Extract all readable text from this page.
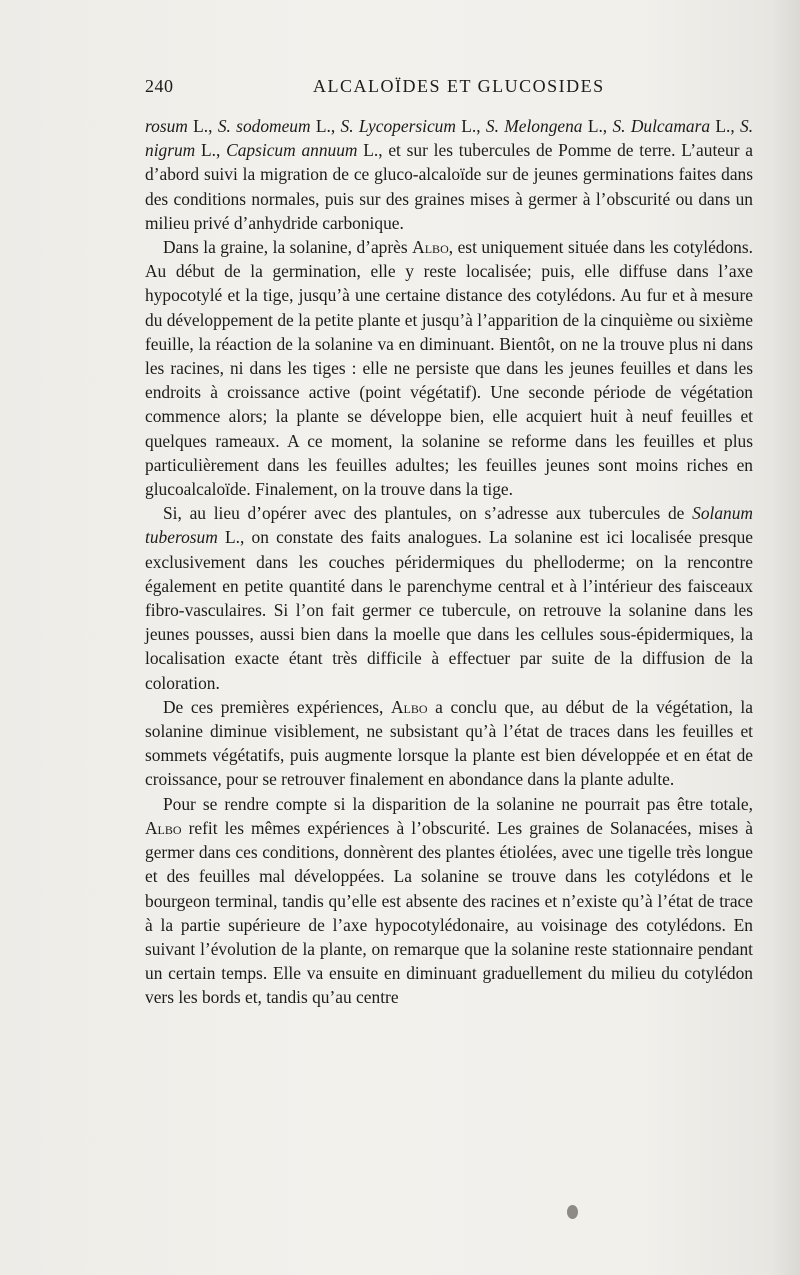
240	ALCALOÏDES ET GLUCOSIDES

rosum L., S. sodomeum L., S. Lycopersicum L., S. Melongena L., S. Dulcamara L., S. nigrum L., Capsicum annuum L., et sur les tubercules de Pomme de terre. L’auteur a d’abord suivi la migration de ce gluco-alcaloïde sur de jeunes germinations faites dans des conditions normales, puis sur des graines mises à germer à l’obscurité ou dans un milieu privé d’anhydride carbonique.

Dans la graine, la solanine, d’après Albo, est uniquement située dans les cotylédons. Au début de la germination, elle y reste localisée; puis, elle diffuse dans l’axe hypocotylé et la tige, jusqu’à une certaine distance des cotylédons. Au fur et à mesure du développement de la petite plante et jusqu’à l’apparition de la cinquième ou sixième feuille, la réaction de la solanine va en diminuant. Bientôt, on ne la trouve plus ni dans les racines, ni dans les tiges : elle ne persiste que dans les jeunes feuilles et dans les endroits à croissance active (point végétatif). Une seconde période de végétation commence alors; la plante se développe bien, elle acquiert huit à neuf feuilles et quelques rameaux. A ce moment, la solanine se reforme dans les feuilles et plus particulièrement dans les feuilles adultes; les feuilles jeunes sont moins riches en glucoalcaloïde. Finalement, on la trouve dans la tige.

Si, au lieu d’opérer avec des plantules, on s’adresse aux tubercules de Solanum tuberosum L., on constate des faits analogues. La solanine est ici localisée presque exclusivement dans les couches péridermiques du phelloderme; on la rencontre également en petite quantité dans le parenchyme central et à l’intérieur des faisceaux fibro-vasculaires. Si l’on fait germer ce tubercule, on retrouve la solanine dans les jeunes pousses, aussi bien dans la moelle que dans les cellules sous-épidermiques, la localisation exacte étant très difficile à effectuer par suite de la diffusion de la coloration.

De ces premières expériences, Albo a conclu que, au début de la végétation, la solanine diminue visiblement, ne subsistant qu’à l’état de traces dans les feuilles et sommets végétatifs, puis augmente lorsque la plante est bien développée et en état de croissance, pour se retrouver finalement en abondance dans la plante adulte.

Pour se rendre compte si la disparition de la solanine ne pourrait pas être totale, Albo refit les mêmes expériences à l’obscurité. Les graines de Solanacées, mises à germer dans ces conditions, donnèrent des plantes étiolées, avec une tigelle très longue et des feuilles mal développées. La solanine se trouve dans les cotylédons et le bourgeon terminal, tandis qu’elle est absente des racines et n’existe qu’à l’état de trace à la partie supérieure de l’axe hypocotylédonaire, au voisinage des cotylédons. En suivant l’évolution de la plante, on remarque que la solanine reste stationnaire pendant un certain temps. Elle va ensuite en diminuant graduellement du milieu du cotylédon vers les bords et, tandis qu’au centre
